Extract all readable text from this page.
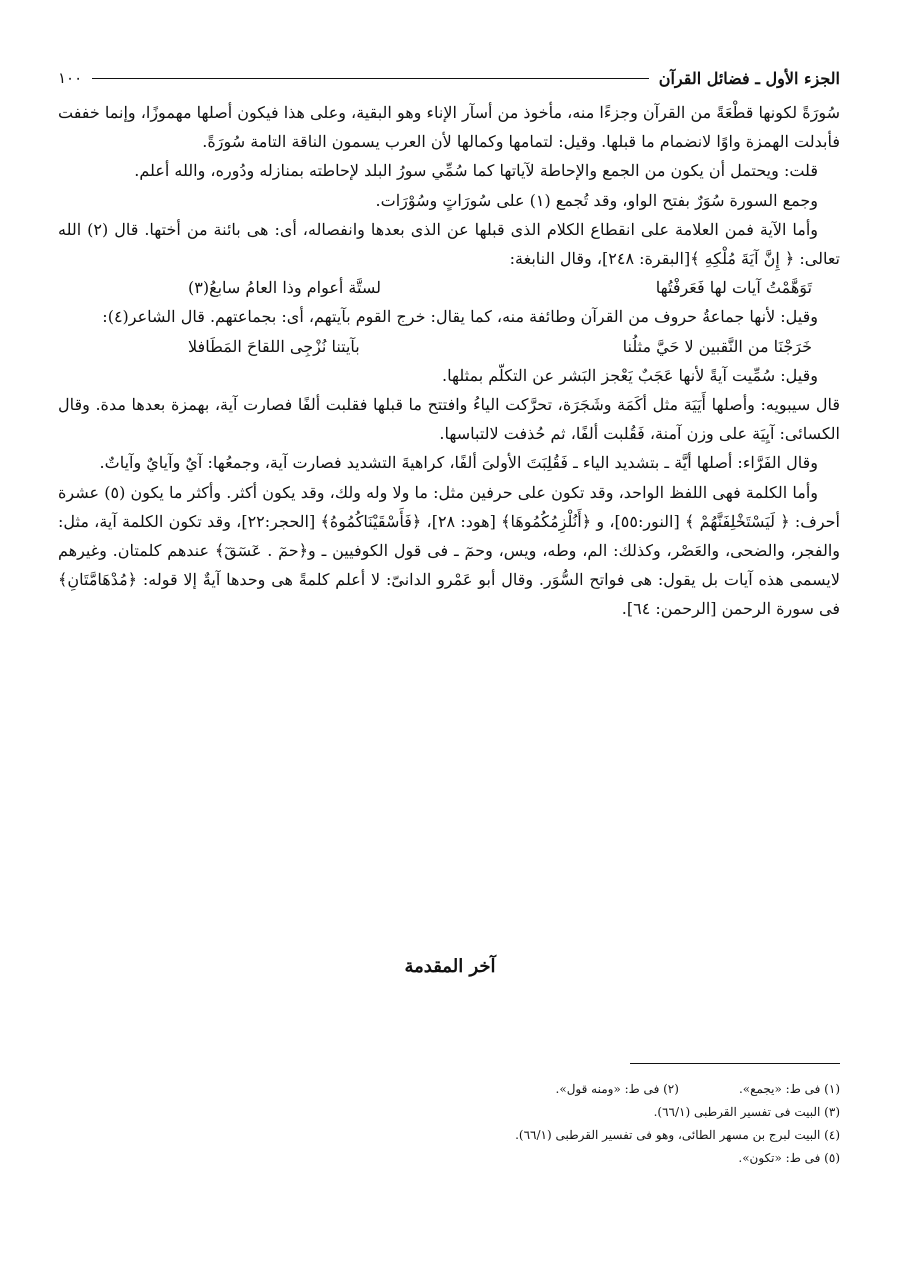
الجزء الأول ـ فضائل القرآن
١٠٠

سُورَةً لكونها قطْعَةً من القرآن وجزءًا منه، مأخوذ من أسآر الإناء وهو البقية، وعلى هذا فيكون أصلها مهموزًا، وإنما خففت فأبدلت الهمزة واوًا لانضمام ما قبلها. وقيل: لتمامها وكمالها لأن العرب يسمون الناقة التامة سُورَةً.

قلت: ويحتمل أن يكون من الجمع والإحاطة لآياتها كما سُمِّي سورُ البلد لإحاطته بمنازله ودُوره، والله أعلم.

وجمع السورة سُوَرٌ بفتح الواو، وقد تُجمع (١) على سُورَاتٍ وسُوْرَات.

وأما الآية فمن العلامة على انقطاع الكلام الذى قبلها عن الذى بعدها وانفصاله، أى: هى بائنة من أختها. قال (٢) الله تعالى: ﴿ إِنَّ آيَةَ مُلْكِهِ ﴾[البقرة: ٢٤٨]، وقال النابغة:

تَوَهَّمْتُ آيات لها فَعَرفْتُها
لستَّة أعوام وذا العامُ سابعُ(٣)

وقيل: لأنها جماعةُ حروف من القرآن وطائفة منه، كما يقال: خرج القوم بآيتهم، أى: بجماعتهم. قال الشاعر(٤):

خَرَجْنَا من النَّقبين لا حَيَّ مثلُنا
بآيتنا نُزْجِى اللقاحَ المَطَافلا

وقيل: سُمِّيت آيةً لأنها عَجَبٌ يَعْجز البَشر عن التكلّم بمثلها.

قال سيبويه: وأصلها أَيَيَة مثل أكَمَة وشَجَرَة، تحرَّكت الياءُ وافتتح ما قبلها فقلبت ألفًا فصارت آية، بهمزة بعدها مدة. وقال الكسائى: آيِيَة على وزن آمنة، فَقُلبت ألفًا، ثم حُذفت لالتباسها.

وقال الفَرَّاء: أصلها أيَّة ـ بتشديد الياء ـ فَقُلِبَتَ الأولىَ ألفًا، كراهيةَ التشديد فصارت آية، وجمعُها: آيٌ وآيايٌ وآياتٌ.

وأما الكلمة فهى اللفظ الواحد، وقد تكون على حرفين مثل: ما ولا وله ولك، وقد يكون أكثر. وأكثر ما يكون (٥) عشرة أحرف: ﴿ لَيَسْتَخْلِفَنَّهُمْ ﴾ [النور:٥٥]، و ﴿أَنُلْزِمُكُمُوهَا﴾ [هود: ٢٨]، ﴿فَأَسْقَيْنَاكُمُوهُ﴾ [الحجر:٢٢]، وقد تكون الكلمة آية، مثل: والفجر، والضحى، والعَصْر، وكذلك: الم، وطه، ويس، وحمٓ ـ فى قول الكوفيين ـ و﴿حمٓ . عٓسٓقٓ﴾ عندهم كلمتان. وغيرهم لايسمى هذه آيات بل يقول: هى فواتح السُّوَر. وقال أبو عَمْرو الدانىّ: لا أعلم كلمةً هى وحدها آيةٌ إلا قوله: ﴿مُدْهَامَّتَانِ﴾ فى سورة الرحمن [الرحمن: ٦٤].

آخر المقدمة
(١) فى ط: «يجمع».(٢) فى ط: «ومنه قول».
(٣) البيت فى تفسير القرطبى (٦٦/١).
(٤) البيت لبرج بن مسهر الطائى، وهو فى تفسير القرطبى (٦٦/١).
(٥) فى ط: «تكون».
